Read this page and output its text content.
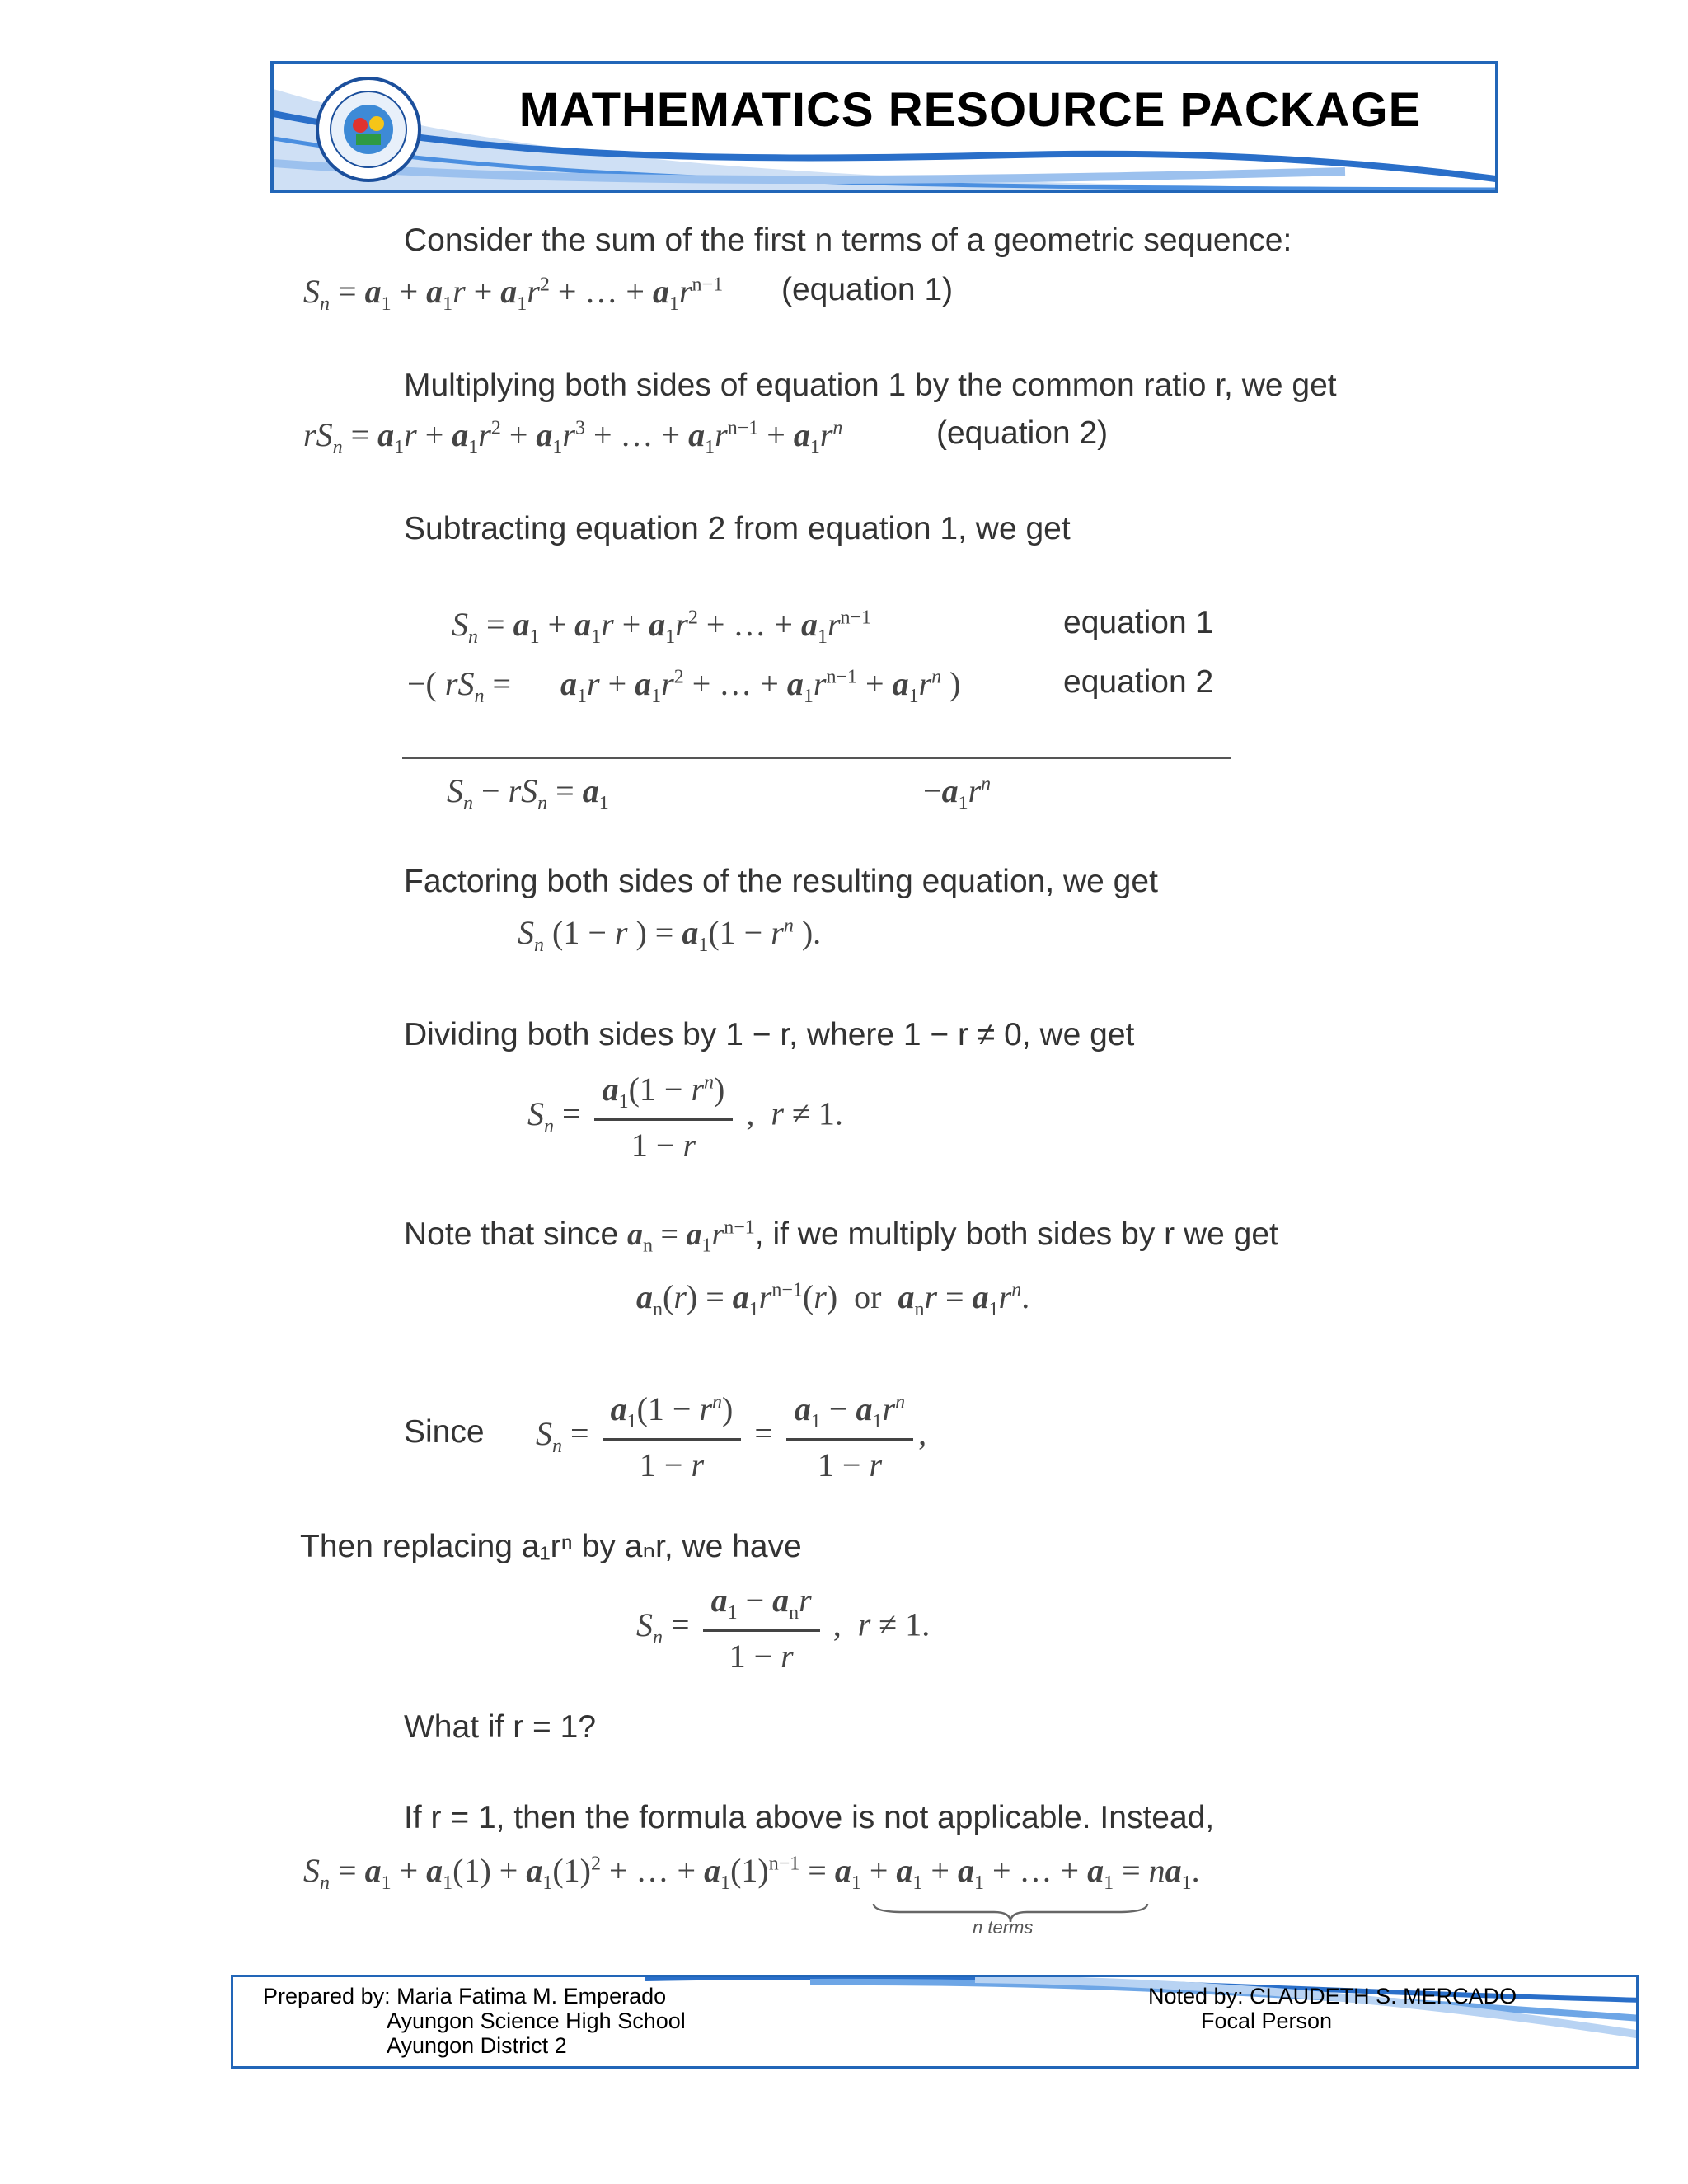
MATHEMATICS RESOURCE PACKAGE
Consider the sum of the first n terms of a geometric sequence:
$S_n = a_1 + a_1r + a_1r^2$ + … + $a_1r^{n-1}$ (equation 1)
Multiplying both sides of equation 1 by the common ratio r, we get
$rS_n = a_1r + a_1r^2 + a_1r^3$ + … + $a_1r^{n-1} + a_1r^n$	(equation 2)
Subtracting equation 2 from equation 1, we get
$S_n = a_1 + a_1r + a_1r^2$ + … + $a_1r^{n-1}$	equation 1
−( $rS_n$ =      $a_1r + a_1r^2$ + … + $a_1r^{n-1} + a_1r^n$ )	equation 2
$S_n - rS_n = a_1$	$-a_1r^n$
Factoring both sides of the resulting equation, we get
$S_n$ (1 − r ) = $a_1(1 - r^n$ ).
Dividing both sides by 1 − r, where 1 − r ≠ 0, we get
$S_n = \frac{a_1(1 - r^n)}{1 - r}$ ,  r ≠ 1.
Note that since $a_n = a_1r^{n-1}$, if we multiply both sides by r we get
$a_n(r) = a_1r^{n-1}(r)$  or  $a_nr = a_1r^n$.
Since $S_n = \frac{a_1(1 - r^n)}{1 - r} = \frac{a_1 - a_1r^n}{1 - r}$ ,
Then replacing a₁rⁿ by aₙr, we have
$S_n = \frac{a_1 - a_nr}{1 - r}$ ,  r ≠ 1.
What if r = 1?
If r = 1, then the formula above is not applicable. Instead,
$S_n = a_1 + a_1(1) + a_1(1)^2$ + … + $a_1(1)^{n-1} = a_1 + a_1 + a_1$ + … + $a_1 = na_1$.
n terms
Prepared by: Maria Fatima M. Emperado
Ayungon Science High School
Ayungon District 2
Noted by: CLAUDETH S. MERCADO
Focal Person
